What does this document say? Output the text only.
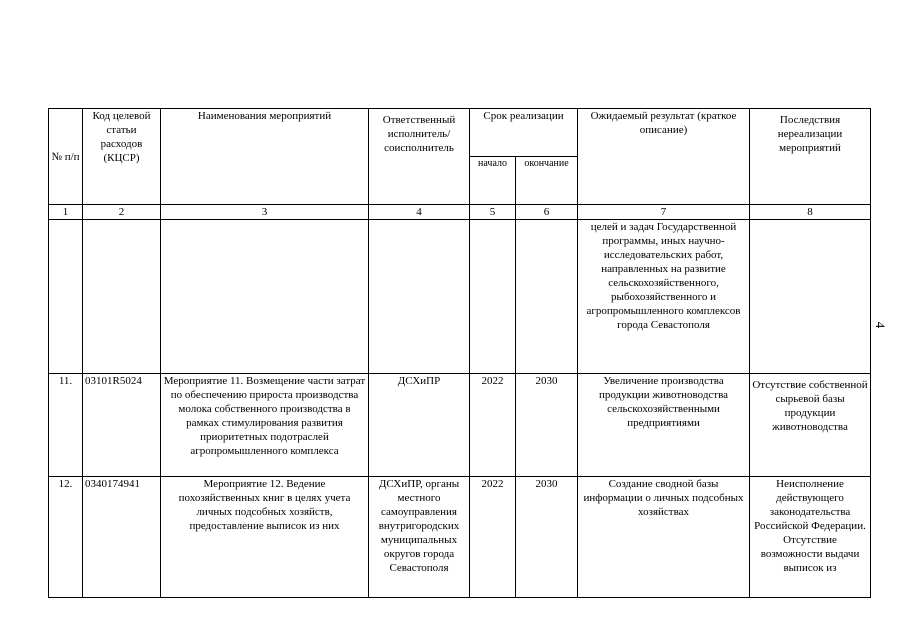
№ п/п	Код целевой статьи расходов (КЦСР)	Наименования мероприятий	Ответственный исполнитель/ соисполнитель	Срок реализации		Ожидаемый результат (краткое описание)	Последствия нереализации мероприятий
				начало	окончание		
1	2	3	4	5	6	7	8
						целей и задач Государственной программы, иных научно-исследовательских работ, направленных на развитие сельскохозяйственного, рыбохозяйственного и агропромышленного комплексов города Севастополя	
11.	03101R5024	Мероприятие 11. Возмещение части затрат по обеспечению прироста производства молока собственного производства в рамках стимулирования развития приоритетных подотраслей агропромышленного комплекса	ДСХиПР	2022	2030	Увеличение производства продукции животноводства сельскохозяйственными предприятиями	Отсутствие собственной сырьевой базы продукции животноводства
12.	0340174941	Мероприятие 12. Ведение похозяйственных книг в целях учета личных подсобных хозяйств, предоставление выписок из них	ДСХиПР, органы местного самоуправления внутригородских муниципальных округов города Севастополя	2022	2030	Создание сводной базы информации о личных подсобных хозяйствах	Неисполнение действующего законодательства Российской Федерации. Отсутствие возможности выдачи выписок из
4
